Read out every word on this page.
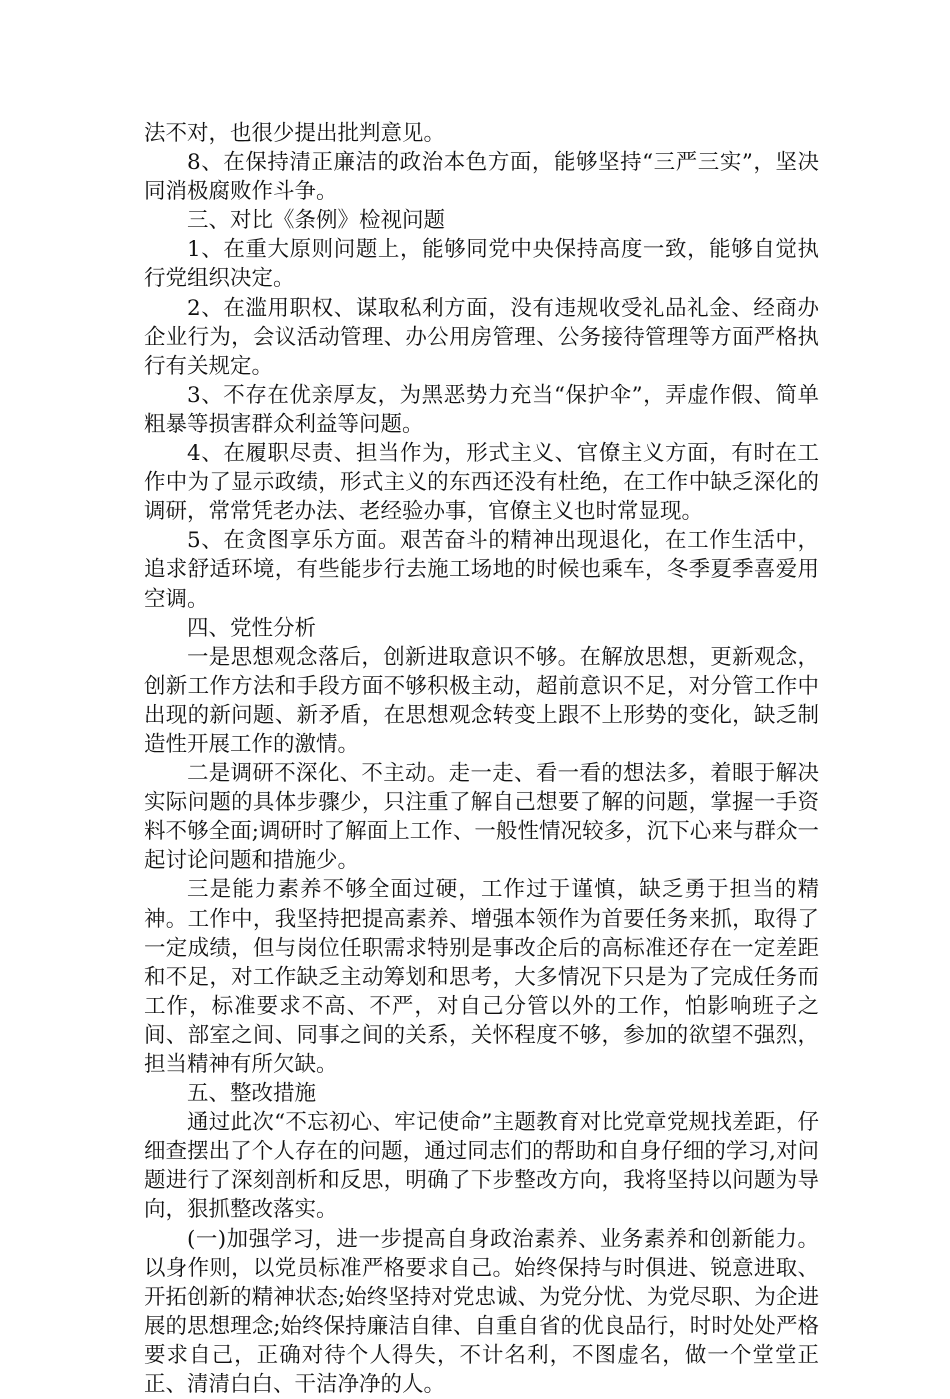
法不对，也很少提出批判意见。

8、在保持清正廉洁的政治本色方面，能够坚持“三严三实”，坚决同消极腐败作斗争。

三、对比《条例》检视问题

1、在重大原则问题上，能够同党中央保持高度一致，能够自觉执行党组织决定。

2、在滥用职权、谋取私利方面，没有违规收受礼品礼金、经商办企业行为，会议活动管理、办公用房管理、公务接待管理等方面严格执行有关规定。

3、不存在优亲厚友，为黑恶势力充当“保护伞”，弄虚作假、简单粗暴等损害群众利益等问题。

4、在履职尽责、担当作为，形式主义、官僚主义方面，有时在工作中为了显示政绩，形式主义的东西还没有杜绝，在工作中缺乏深化的调研，常常凭老办法、老经验办事，官僚主义也时常显现。

5、在贪图享乐方面。艰苦奋斗的精神出现退化，在工作生活中，追求舒适环境，有些能步行去施工场地的时候也乘车，冬季夏季喜爱用空调。

四、党性分析

一是思想观念落后，创新进取意识不够。在解放思想，更新观念，创新工作方法和手段方面不够积极主动，超前意识不足，对分管工作中出现的新问题、新矛盾，在思想观念转变上跟不上形势的变化，缺乏制造性开展工作的激情。

二是调研不深化、不主动。走一走、看一看的想法多，着眼于解决实际问题的具体步骤少，只注重了解自己想要了解的问题，掌握一手资料不够全面;调研时了解面上工作、一般性情况较多，沉下心来与群众一起讨论问题和措施少。

三是能力素养不够全面过硬，工作过于谨慎，缺乏勇于担当的精神。工作中，我坚持把提高素养、增强本领作为首要任务来抓，取得了一定成绩，但与岗位任职需求特别是事改企后的高标准还存在一定差距和不足，对工作缺乏主动筹划和思考，大多情况下只是为了完成任务而工作，标准要求不高、不严，对自己分管以外的工作，怕影响班子之间、部室之间、同事之间的关系，关怀程度不够，参加的欲望不强烈，担当精神有所欠缺。

五、整改措施

通过此次“不忘初心、牢记使命”主题教育对比党章党规找差距，仔细查摆出了个人存在的问题，通过同志们的帮助和自身仔细的学习,对问题进行了深刻剖析和反思，明确了下步整改方向，我将坚持以问题为导向，狠抓整改落实。

(一)加强学习，进一步提高自身政治素养、业务素养和创新能力。以身作则，以党员标准严格要求自己。始终保持与时俱进、锐意进取、开拓创新的精神状态;始终坚持对党忠诚、为党分忧、为党尽职、为企进展的思想理念;始终保持廉洁自律、自重自省的优良品行，时时处处严格要求自己，正确对待个人得失，不计名利，不图虚名，做一个堂堂正正、清清白白、干洁净净的人。
